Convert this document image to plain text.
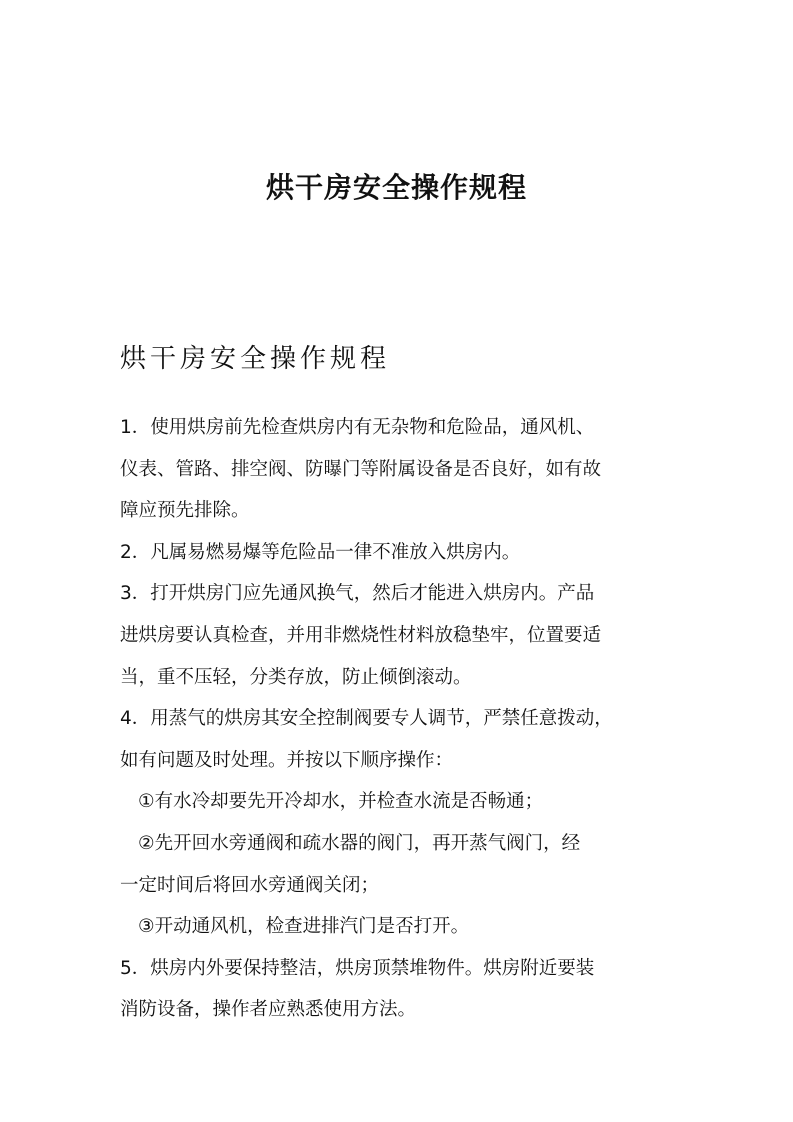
烘干房安全操作规程
烘干房安全操作规程
1．使用烘房前先检查烘房内有无杂物和危险品，通风机、
仪表、管路、排空阀、防曝门等附属设备是否良好，如有故
障应预先排除。
2．凡属易燃易爆等危险品一律不准放入烘房内。
3．打开烘房门应先通风换气，然后才能进入烘房内。产品
进烘房要认真检查，并用非燃烧性材料放稳垫牢，位置要适
当，重不压轻，分类存放，防止倾倒滚动。
4．用蒸气的烘房其安全控制阀要专人调节，严禁任意拨动，
如有问题及时处理。并按以下顺序操作：
①有水冷却要先开冷却水，并检查水流是否畅通；
②先开回水旁通阀和疏水器的阀门，再开蒸气阀门，经
一定时间后将回水旁通阀关闭；
③开动通风机，检查进排汽门是否打开。
5．烘房内外要保持整洁，烘房顶禁堆物件。烘房附近要装
消防设备，操作者应熟悉使用方法。
